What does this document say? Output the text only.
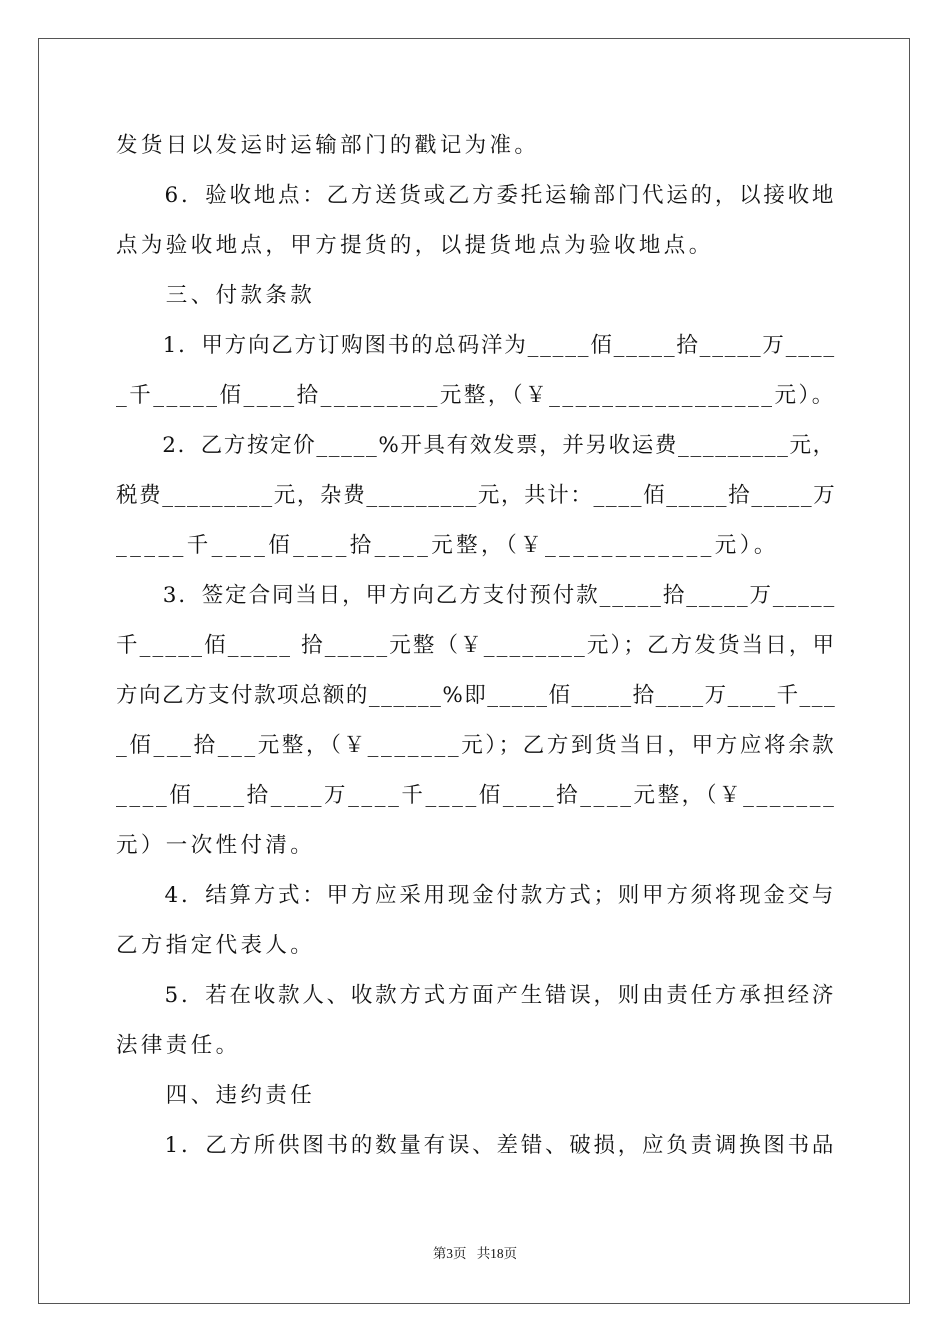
发货日以发运时运输部门的戳记为准。
　　6．验收地点：乙方送货或乙方委托运输部门代运的，以接收地
点为验收地点，甲方提货的，以提货地点为验收地点。
　　三、付款条款
　　1．甲方向乙方订购图书的总码洋为_____佰_____拾_____万____
_千_____佰____拾_________元整，（￥_________________元）。
　　2．乙方按定价_____%开具有效发票，并另收运费_________元，
税费_________元，杂费_________元，共计：____佰_____拾_____万
_____千____佰____拾____元整，（￥____________元）。
　　3．签定合同当日，甲方向乙方支付预付款_____拾_____万_____
千_____佰_____ 拾_____元整（￥________元）；乙方发货当日，甲
方向乙方支付款项总额的______%即_____佰_____拾____万____千___
_佰___拾___元整，（￥_______元）；乙方到货当日，甲方应将余款
____佰____拾____万____千____佰____拾____元整，（￥_______
元）一次性付清。
　　4．结算方式：甲方应采用现金付款方式；则甲方须将现金交与
乙方指定代表人。
　　5．若在收款人、收款方式方面产生错误，则由责任方承担经济
法律责任。
　　四、违约责任
　　1．乙方所供图书的数量有误、差错、破损，应负责调换图书品
第3页 共18页
